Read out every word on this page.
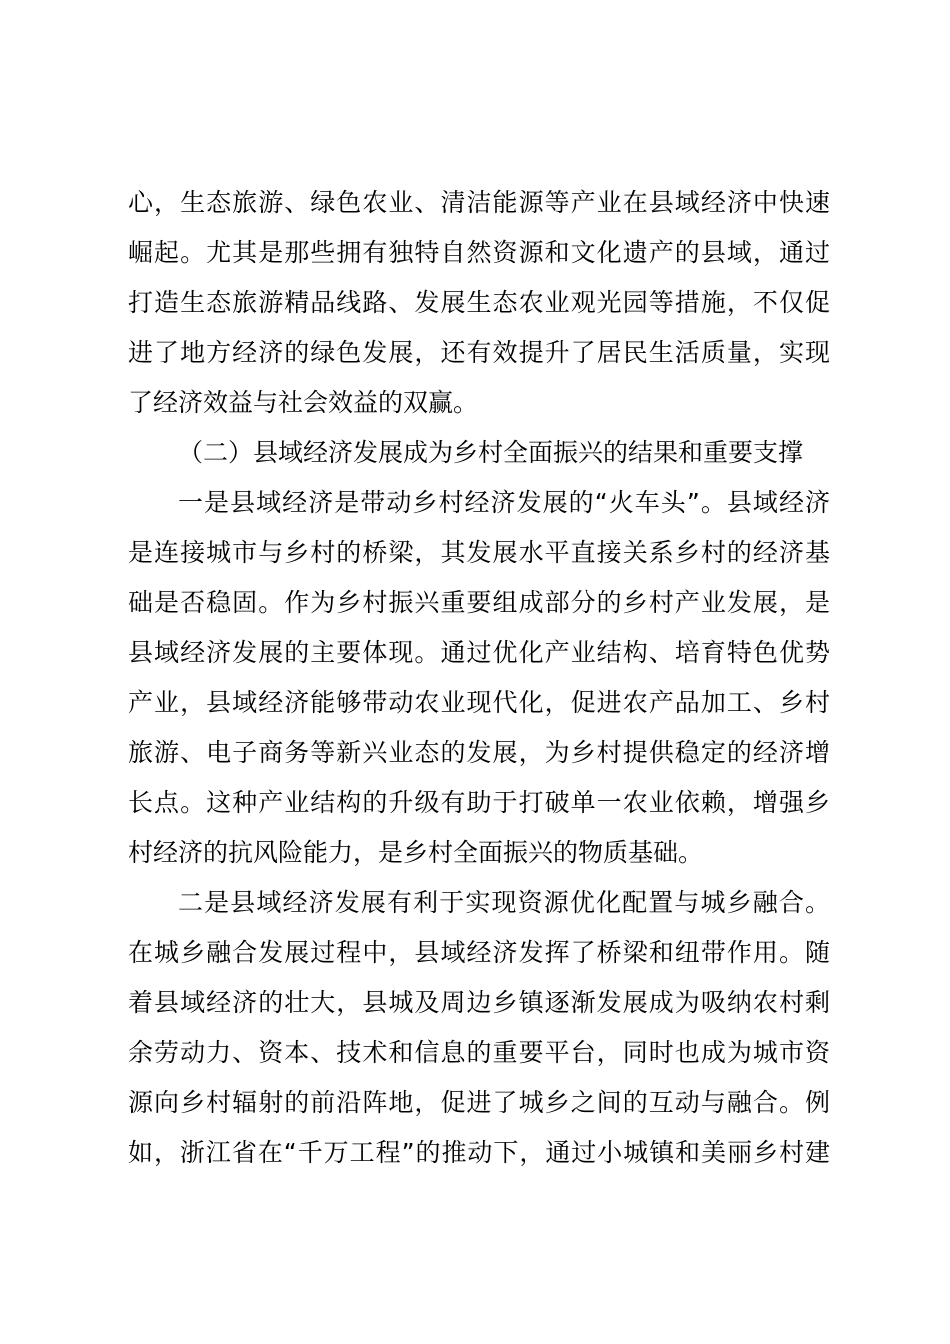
心，生态旅游、绿色农业、清洁能源等产业在县域经济中快速
崛起。尤其是那些拥有独特自然资源和文化遗产的县域，通过
打造生态旅游精品线路、发展生态农业观光园等措施，不仅促
进了地方经济的绿色发展，还有效提升了居民生活质量，实现
了经济效益与社会效益的双赢。
（二）县域经济发展成为乡村全面振兴的结果和重要支撑
一是县域经济是带动乡村经济发展的“火车头”。县域经济
是连接城市与乡村的桥梁，其发展水平直接关系乡村的经济基
础是否稳固。作为乡村振兴重要组成部分的乡村产业发展，是
县域经济发展的主要体现。通过优化产业结构、培育特色优势
产业，县域经济能够带动农业现代化，促进农产品加工、乡村
旅游、电子商务等新兴业态的发展，为乡村提供稳定的经济增
长点。这种产业结构的升级有助于打破单一农业依赖，增强乡
村经济的抗风险能力，是乡村全面振兴的物质基础。
二是县域经济发展有利于实现资源优化配置与城乡融合。
在城乡融合发展过程中，县域经济发挥了桥梁和纽带作用。随
着县域经济的壮大，县城及周边乡镇逐渐发展成为吸纳农村剩
余劳动力、资本、技术和信息的重要平台，同时也成为城市资
源向乡村辐射的前沿阵地，促进了城乡之间的互动与融合。例
如，浙江省在“千万工程”的推动下，通过小城镇和美丽乡村建
